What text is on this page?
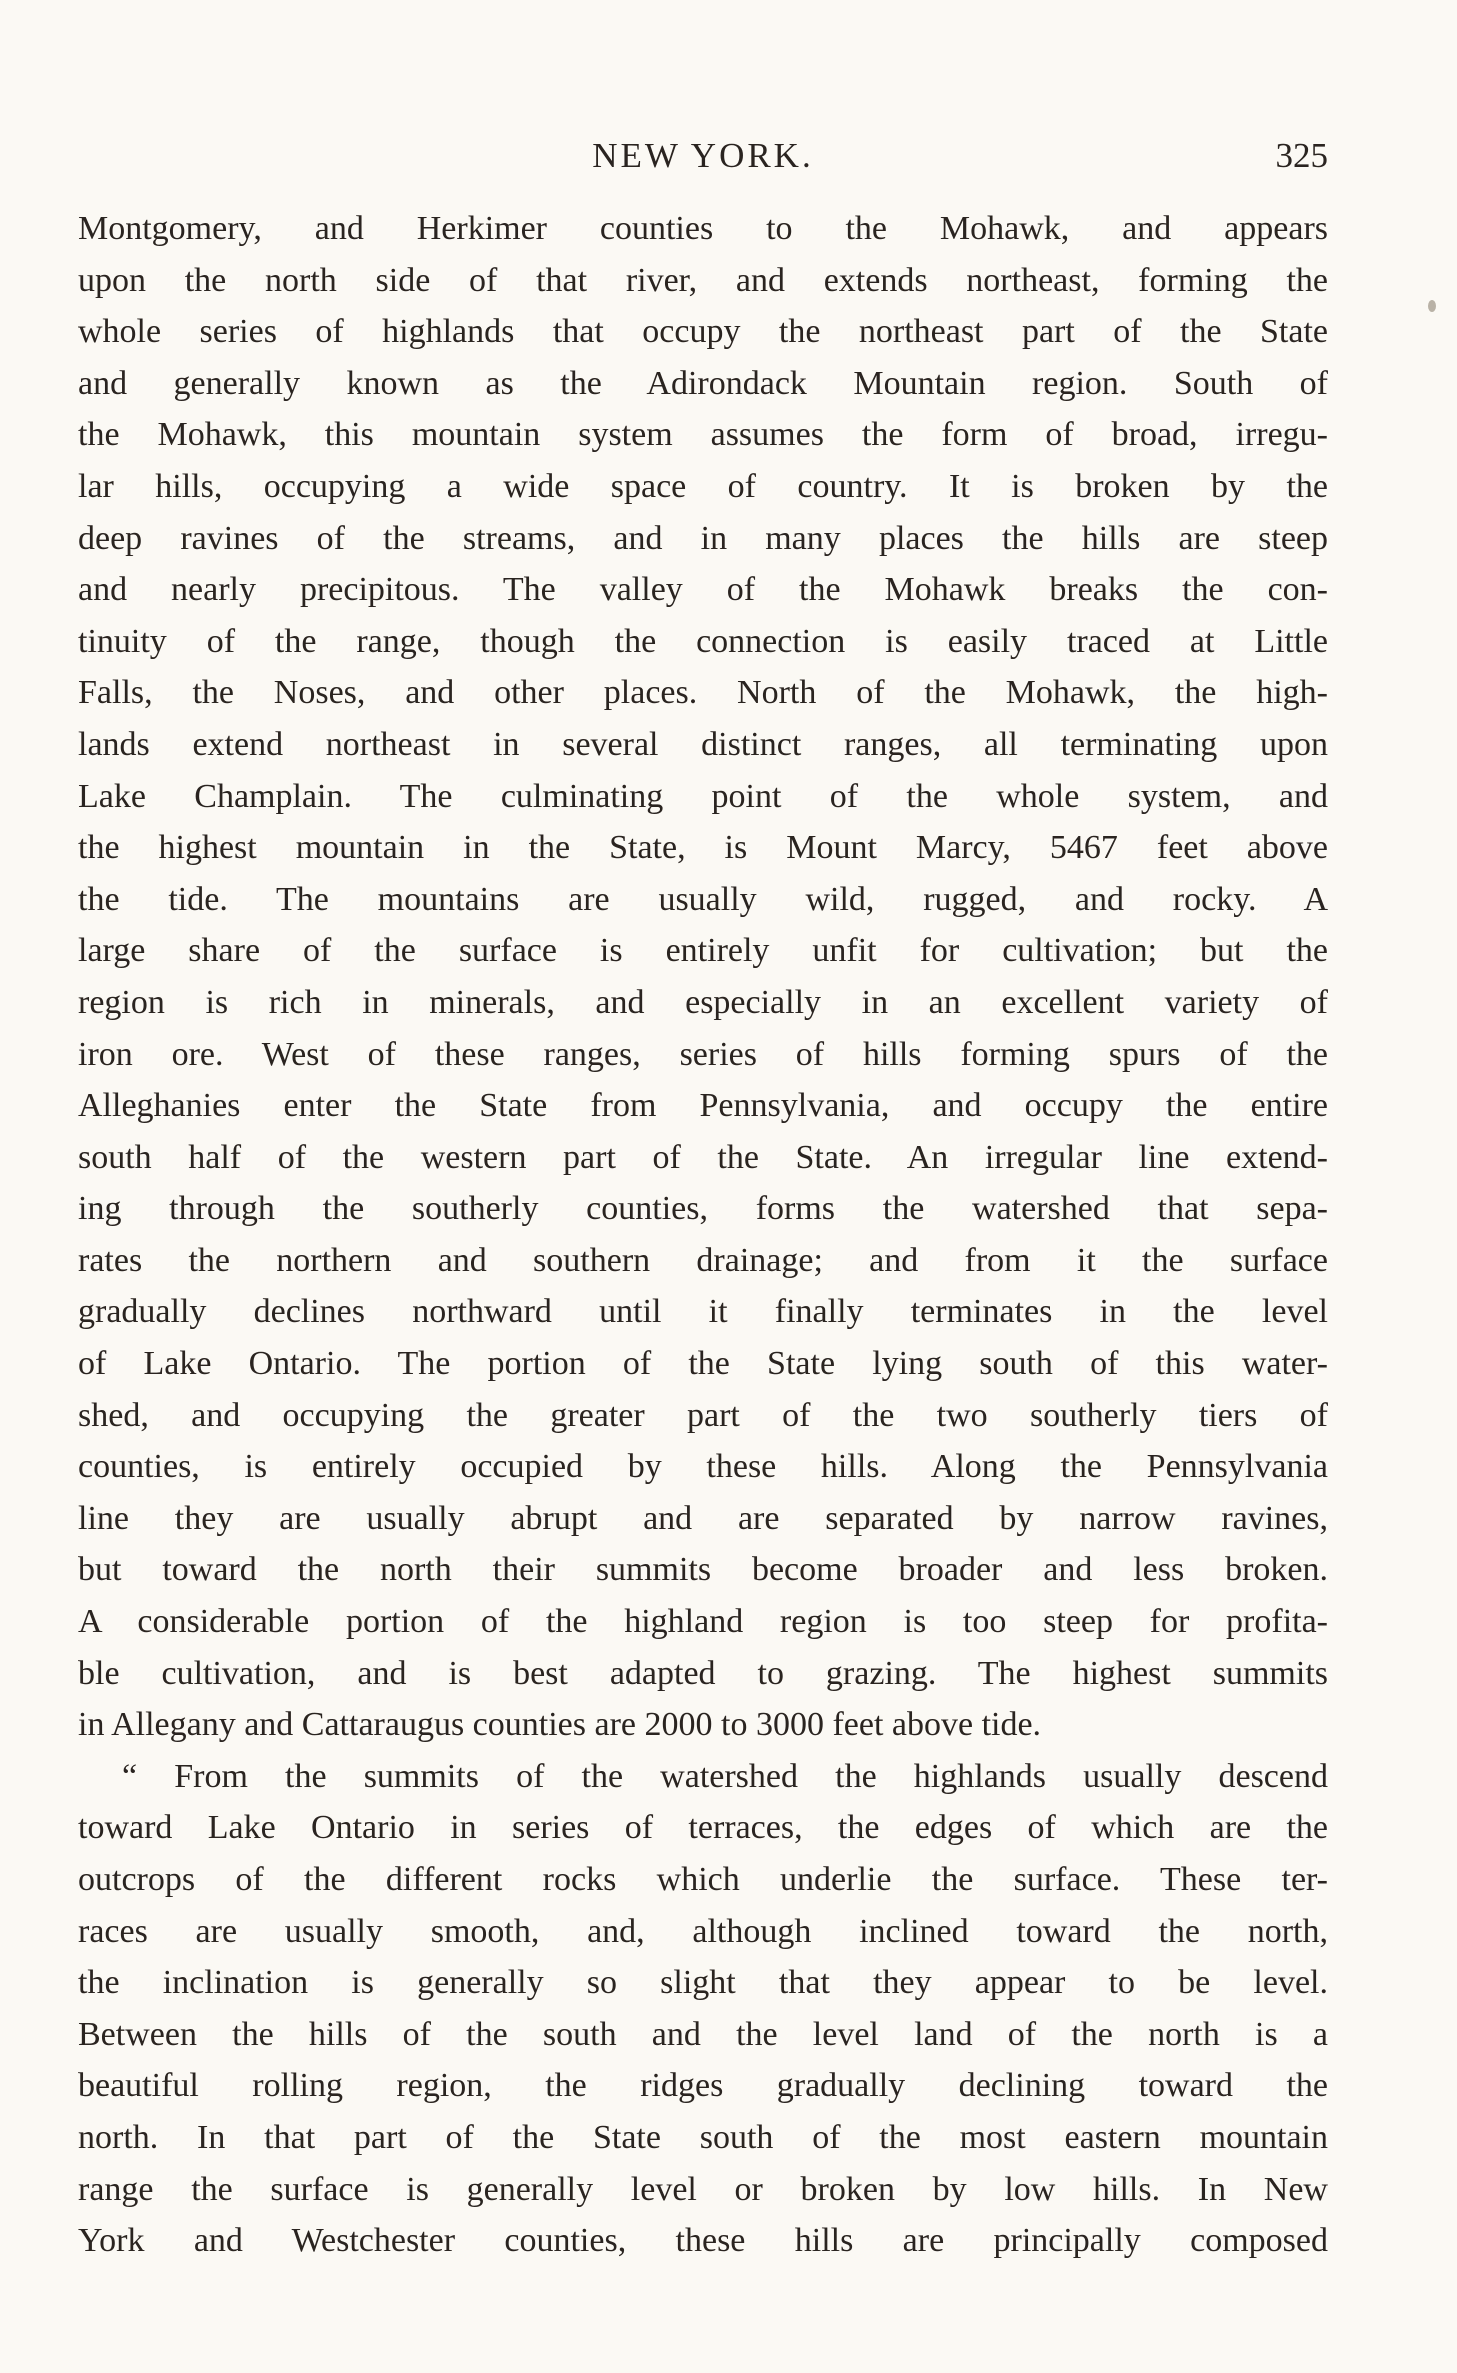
NEW YORK.	325
Montgomery, and Herkimer counties to the Mohawk, and appears
upon the north side of that river, and extends northeast, forming the
whole series of highlands that occupy the northeast part of the State
and generally known as the Adirondack Mountain region. South of
the Mohawk, this mountain system assumes the form of broad, irregu-
lar hills, occupying a wide space of country. It is broken by the
deep ravines of the streams, and in many places the hills are steep
and nearly precipitous. The valley of the Mohawk breaks the con-
tinuity of the range, though the connection is easily traced at Little
Falls, the Noses, and other places. North of the Mohawk, the high-
lands extend northeast in several distinct ranges, all terminating upon
Lake Champlain. The culminating point of the whole system, and
the highest mountain in the State, is Mount Marcy, 5467 feet above
the tide. The mountains are usually wild, rugged, and rocky. A
large share of the surface is entirely unfit for cultivation; but the
region is rich in minerals, and especially in an excellent variety of
iron ore. West of these ranges, series of hills forming spurs of the
Alleghanies enter the State from Pennsylvania, and occupy the entire
south half of the western part of the State. An irregular line extend-
ing through the southerly counties, forms the watershed that sepa-
rates the northern and southern drainage; and from it the surface
gradually declines northward until it finally terminates in the level
of Lake Ontario. The portion of the State lying south of this water-
shed, and occupying the greater part of the two southerly tiers of
counties, is entirely occupied by these hills. Along the Pennsylvania
line they are usually abrupt and are separated by narrow ravines,
but toward the north their summits become broader and less broken.
A considerable portion of the highland region is too steep for profita-
ble cultivation, and is best adapted to grazing. The highest summits
in Allegany and Cattaraugus counties are 2000 to 3000 feet above tide.
“ From the summits of the watershed the highlands usually descend
toward Lake Ontario in series of terraces, the edges of which are the
outcrops of the different rocks which underlie the surface. These ter-
races are usually smooth, and, although inclined toward the north,
the inclination is generally so slight that they appear to be level.
Between the hills of the south and the level land of the north is a
beautiful rolling region, the ridges gradually declining toward the
north. In that part of the State south of the most eastern mountain
range the surface is generally level or broken by low hills. In New
York and Westchester counties, these hills are principally composed
